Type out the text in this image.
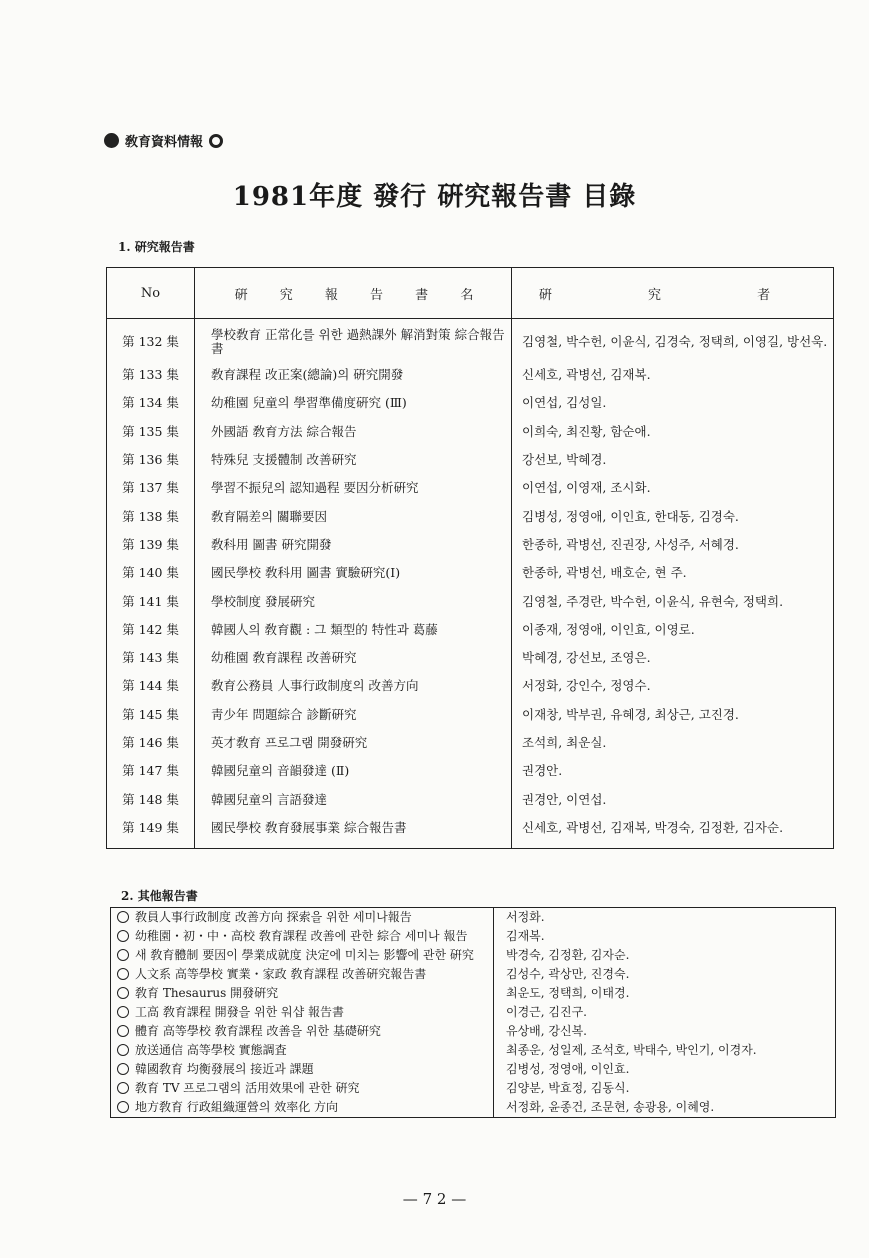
敎育資料情報
1981年度 發行 硏究報告書 目錄
1. 硏究報告書
No	硏 究 報 告 書 名	硏 究 者
第 132 集	學校敎育 正常化를 위한 過熱課外 解消對策 綜合報告書	김영철, 박수헌, 이윤식, 김경숙, 정택희, 이영길, 방선욱.
第 133 集	敎育課程 改正案(總論)의 硏究開發	신세호, 곽병선, 김재복.
第 134 集	幼稚園 兒童의 學習準備度硏究 (Ⅲ)	이연섭, 김성일.
第 135 集	外國語 敎育方法 綜合報告	이희숙, 최진황, 함순애.
第 136 集	特殊兒 支援體制 改善硏究	강선보, 박혜경.
第 137 集	學習不振兒의 認知過程 要因分析硏究	이연섭, 이영재, 조시화.
第 138 集	敎育隔差의 關聯要因	김병성, 정영애, 이인효, 한대동, 김경숙.
第 139 集	敎科用 圖書 硏究開發	한종하, 곽병선, 진권장, 사성주, 서혜경.
第 140 集	國民學校 敎科用 圖書 實驗硏究(Ⅰ)	한종하, 곽병선, 배호순, 현 주.
第 141 集	學校制度 發展硏究	김영철, 주경란, 박수헌, 이윤식, 유현숙, 정택희.
第 142 集	韓國人의 敎育觀 : 그 類型的 特性과 葛藤	이종재, 정영애, 이인효, 이영로.
第 143 集	幼稚園 敎育課程 改善硏究	박혜경, 강선보, 조영은.
第 144 集	敎育公務員 人事行政制度의 改善方向	서정화, 강인수, 정영수.
第 145 集	靑少年 問題綜合 診斷硏究	이재창, 박부권, 유혜경, 최상근, 고진경.
第 146 集	英才敎育 프로그램 開發硏究	조석희, 최운실.
第 147 集	韓國兒童의 音韻發達 (Ⅱ)	권경안.
第 148 集	韓國兒童의 言語發達	권경안, 이연섭.
第 149 集	國民學校 敎育發展事業 綜合報告書	신세호, 곽병선, 김재복, 박경숙, 김정환, 김자순.
2. 其他報告書
敎員人事行政制度 改善方向 探索을 위한 세미나報告	서정화.

幼稚園・初・中・高校 敎育課程 改善에 관한 綜合 세미나 報告	김재복.

새 敎育體制 要因이 學業成就度 決定에 미치는 影響에 관한 硏究	박경숙, 김정환, 김자순.

人文系 高等學校 實業・家政 敎育課程 改善硏究報告書	김성수, 곽상만, 진경숙.

敎育 Thesaurus 開發硏究	최운도, 정택희, 이태경.

工高 敎育課程 開發을 위한 워샵 報告書	이경근, 김진구.

體育 高等學校 敎育課程 改善을 위한 基礎硏究	유상배, 강신복.

放送通信 高等學校 實態調査	최종운, 성일제, 조석호, 박태수, 박인기, 이경자.

韓國敎育 均衡發展의 接近과 課題	김병성, 정영애, 이인효.

敎育 TV 프로그램의 活用效果에 관한 硏究	김양분, 박효정, 김동식.

地方敎育 行政組織運營의 效率化 方向	서정화, 윤종건, 조문현, 송광용, 이혜영.
— 7 2 —
